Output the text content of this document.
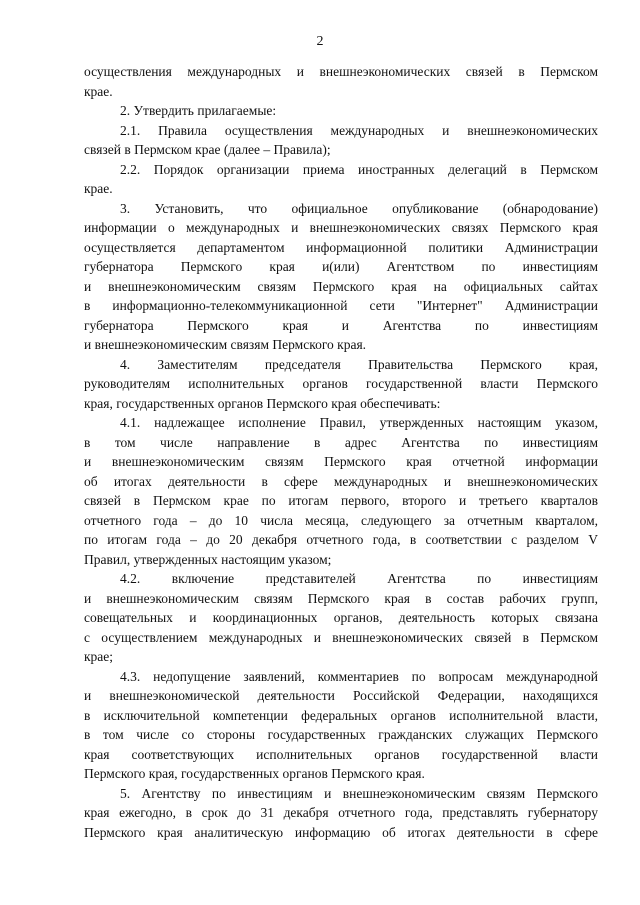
2
осуществления международных и внешнеэкономических связей в Пермском
крае.
2. Утвердить прилагаемые:
2.1. Правила осуществления международных и внешнеэкономических
связей в Пермском крае (далее – Правила);
2.2. Порядок организации приема иностранных делегаций в Пермском
крае.
3. Установить, что официальное опубликование (обнародование)
информации о международных и внешнеэкономических связях Пермского края
осуществляется департаментом информационной политики Администрации
губернатора Пермского края и(или) Агентством по инвестициям
и внешнеэкономическим связям Пермского края на официальных сайтах
в информационно-телекоммуникационной сети "Интернет" Администрации
губернатора Пермского края и Агентства по инвестициям
и внешнеэкономическим связям Пермского края.
4. Заместителям председателя Правительства Пермского края,
руководителям исполнительных органов государственной власти Пермского
края, государственных органов Пермского края обеспечивать:
4.1. надлежащее исполнение Правил, утвержденных настоящим указом,
в том числе направление в адрес Агентства по инвестициям
и внешнеэкономическим связям Пермского края отчетной информации
об итогах деятельности в сфере международных и внешнеэкономических
связей в Пермском крае по итогам первого, второго и третьего кварталов
отчетного года – до 10 числа месяца, следующего за отчетным кварталом,
по итогам года – до 20 декабря отчетного года, в соответствии с разделом V
Правил, утвержденных настоящим указом;
4.2. включение представителей Агентства по инвестициям
и внешнеэкономическим связям Пермского края в состав рабочих групп,
совещательных и координационных органов, деятельность которых связана
с осуществлением международных и внешнеэкономических связей в Пермском
крае;
4.3. недопущение заявлений, комментариев по вопросам международной
и внешнеэкономической деятельности Российской Федерации, находящихся
в исключительной компетенции федеральных органов исполнительной власти,
в том числе со стороны государственных гражданских служащих Пермского
края соответствующих исполнительных органов государственной власти
Пермского края, государственных органов Пермского края.
5. Агентству по инвестициям и внешнеэкономическим связям Пермского
края ежегодно, в срок до 31 декабря отчетного года, представлять губернатору
Пермского края аналитическую информацию об итогах деятельности в сфере
